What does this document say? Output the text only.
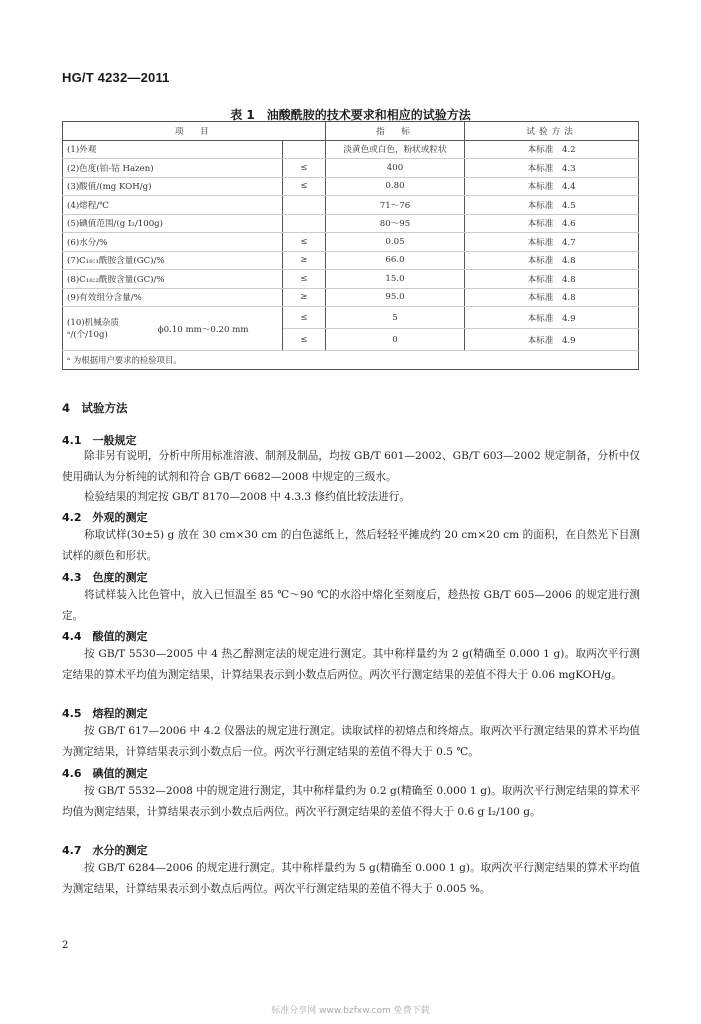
HG/T 4232—2011
表 1　油酸酰胺的技术要求和相应的试验方法
项　目		指　标	试验方法
(1)外观		淡黄色或白色，粉状或粒状	本标准　4.2
(2)色度(铂-钴 Hazen)	≤	400	本标准　4.3
(3)酸值/(mg KOH/g)	≤	0.80	本标准　4.4
(4)熔程/℃		71～76	本标准　4.5
(5)碘值范围/(g I₂/100g)		80～95	本标准　4.6
(6)水分/%	≤	0.05	本标准　4.7
(7)C₁₈:₁酰胺含量(GC)/%	≥	66.0	本标准　4.8
(8)C₁₈:₂酰胺含量(GC)/%	≤	15.0	本标准　4.8
(9)有效组分含量/%	≥	95.0	本标准　4.8
(10)机械杂质ᵃ/(个/10g) ϕ0.10 mm～0.20 mm	≤	5	本标准　4.9
	≤	0	本标准　4.9
ᵃ 为根据用户要求的检验项目。			
4　试验方法
4.1　一般规定
除非另有说明，分析中所用标准溶液、制剂及制品，均按 GB/T 601—2002、GB/T 603—2002 规定制备，分析中仅使用确认为分析纯的试剂和符合 GB/T 6682—2008 中规定的三级水。
检验结果的判定按 GB/T 8170—2008 中 4.3.3 修约值比较法进行。
4.2　外观的测定
称取试样(30±5) g 放在 30 cm×30 cm 的白色滤纸上，然后轻轻平摊成约 20 cm×20 cm 的面积，在自然光下目测试样的颜色和形状。
4.3　色度的测定
将试样装入比色管中，放入已恒温至 85 ℃～90 ℃的水浴中熔化至刻度后，趁热按 GB/T 605—2006 的规定进行测定。
4.4　酸值的测定
按 GB/T 5530—2005 中 4 热乙醇测定法的规定进行测定。其中称样量约为 2 g(精确至 0.000 1 g)。取两次平行测定结果的算术平均值为测定结果，计算结果表示到小数点后两位。两次平行测定结果的差值不得大于 0.06 mgKOH/g。
4.5　熔程的测定
按 GB/T 617—2006 中 4.2 仪器法的规定进行测定。读取试样的初熔点和终熔点。取两次平行测定结果的算术平均值为测定结果，计算结果表示到小数点后一位。两次平行测定结果的差值不得大于 0.5 ℃。
4.6　碘值的测定
按 GB/T 5532—2008 中的规定进行测定，其中称样量约为 0.2 g(精确至 0.000 1 g)。取两次平行测定结果的算术平均值为测定结果，计算结果表示到小数点后两位。两次平行测定结果的差值不得大于 0.6 g I₂/100 g。
4.7　水分的测定
按 GB/T 6284—2006 的规定进行测定。其中称样量约为 5 g(精确至 0.000 1 g)。取两次平行测定结果的算术平均值为测定结果，计算结果表示到小数点后两位。两次平行测定结果的差值不得大于 0.005 %。
2
标准分享网 www.bzfxw.com 免费下载
